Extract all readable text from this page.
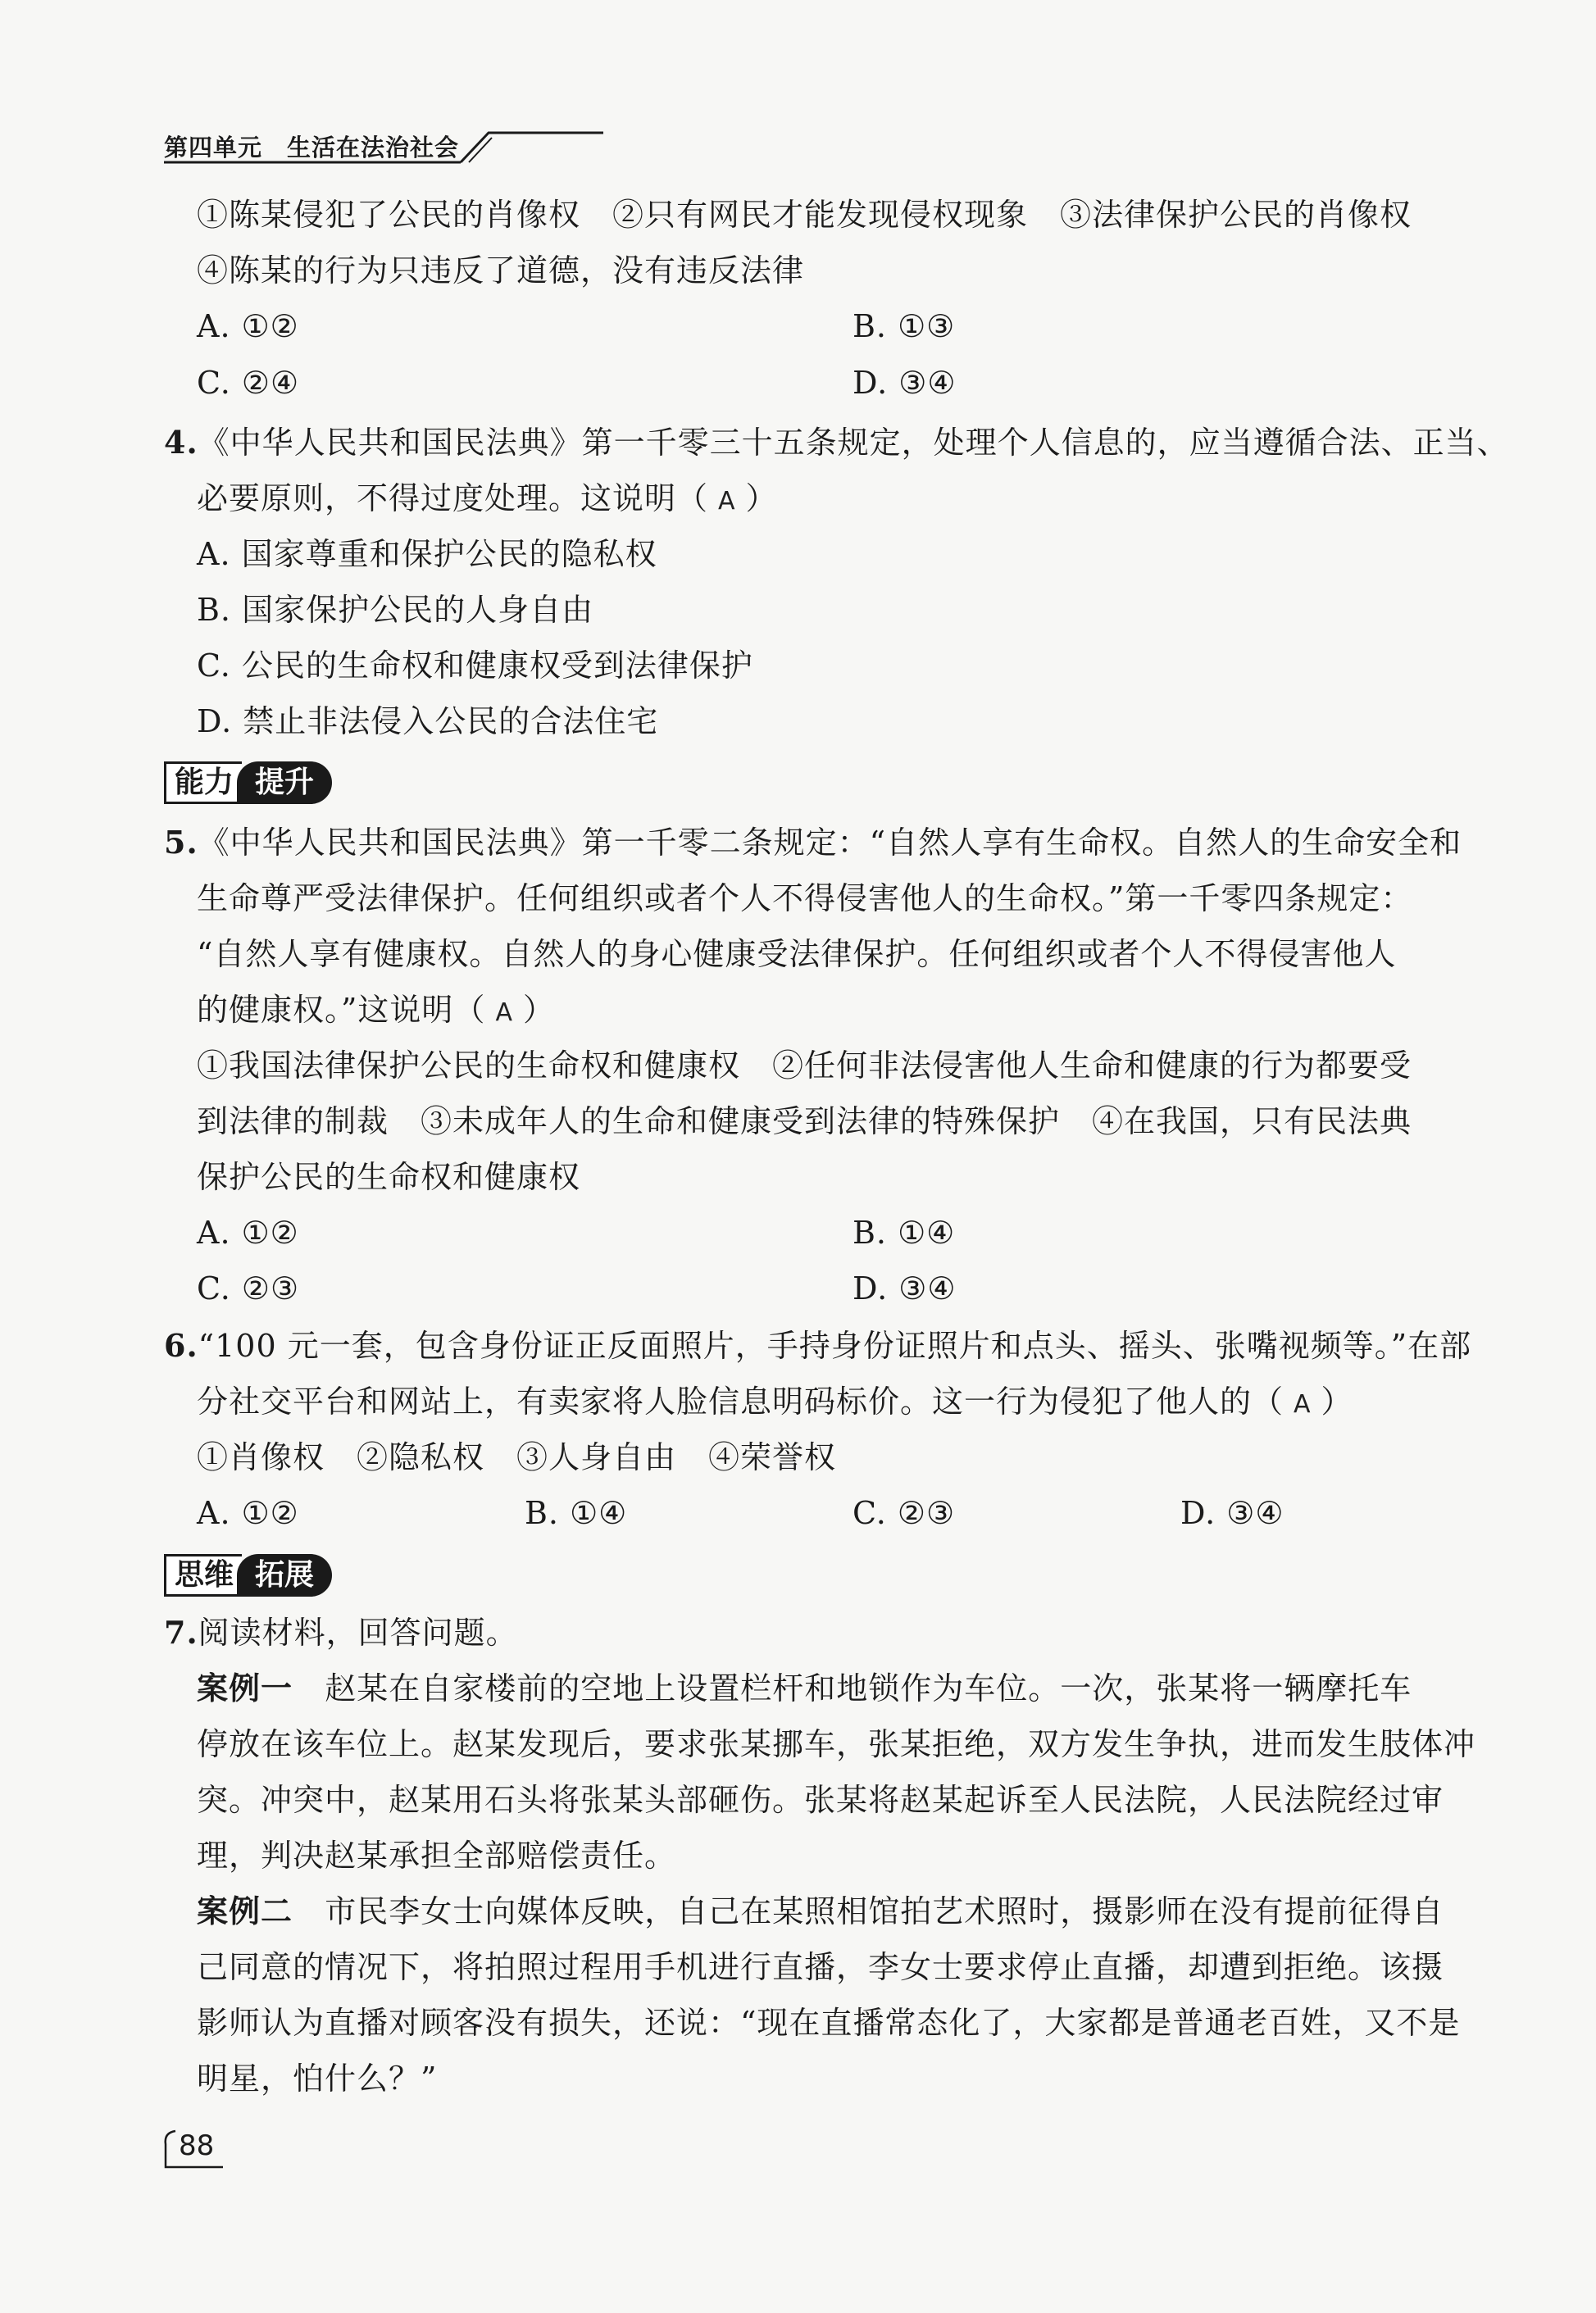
第四单元 生活在法治社会
①陈某侵犯了公民的肖像权　②只有网民才能发现侵权现象　③法律保护公民的肖像权
④陈某的行为只违反了道德，没有违反法律
A. ①②	B. ①③
C. ②④	D. ③④
4.《中华人民共和国民法典》第一千零三十五条规定，处理个人信息的，应当遵循合法、正当、
必要原则，不得过度处理。这说明（ A ）
A. 国家尊重和保护公民的隐私权
B. 国家保护公民的人身自由
C. 公民的生命权和健康权受到法律保护
D. 禁止非法侵入公民的合法住宅
能力 提升
5.《中华人民共和国民法典》第一千零二条规定：“自然人享有生命权。自然人的生命安全和
生命尊严受法律保护。任何组织或者个人不得侵害他人的生命权。”第一千零四条规定：
“自然人享有健康权。自然人的身心健康受法律保护。任何组织或者个人不得侵害他人
的健康权。”这说明（ A ）
①我国法律保护公民的生命权和健康权　②任何非法侵害他人生命和健康的行为都要受
到法律的制裁　③未成年人的生命和健康受到法律的特殊保护　④在我国，只有民法典
保护公民的生命权和健康权
A. ①②	B. ①④
C. ②③	D. ③④
6.“100 元一套，包含身份证正反面照片，手持身份证照片和点头、摇头、张嘴视频等。”在部
分社交平台和网站上，有卖家将人脸信息明码标价。这一行为侵犯了他人的（ A ）
①肖像权　②隐私权　③人身自由　④荣誉权
A. ①②	B. ①④	C. ②③	D. ③④
思维 拓展
7.阅读材料，回答问题。
案例一 赵某在自家楼前的空地上设置栏杆和地锁作为车位。一次，张某将一辆摩托车
停放在该车位上。赵某发现后，要求张某挪车，张某拒绝，双方发生争执，进而发生肢体冲
突。冲突中，赵某用石头将张某头部砸伤。张某将赵某起诉至人民法院，人民法院经过审
理，判决赵某承担全部赔偿责任。
案例二 市民李女士向媒体反映，自己在某照相馆拍艺术照时，摄影师在没有提前征得自
己同意的情况下，将拍照过程用手机进行直播，李女士要求停止直播，却遭到拒绝。该摄
影师认为直播对顾客没有损失，还说：“现在直播常态化了，大家都是普通老百姓，又不是
明星，怕什么？”
88
